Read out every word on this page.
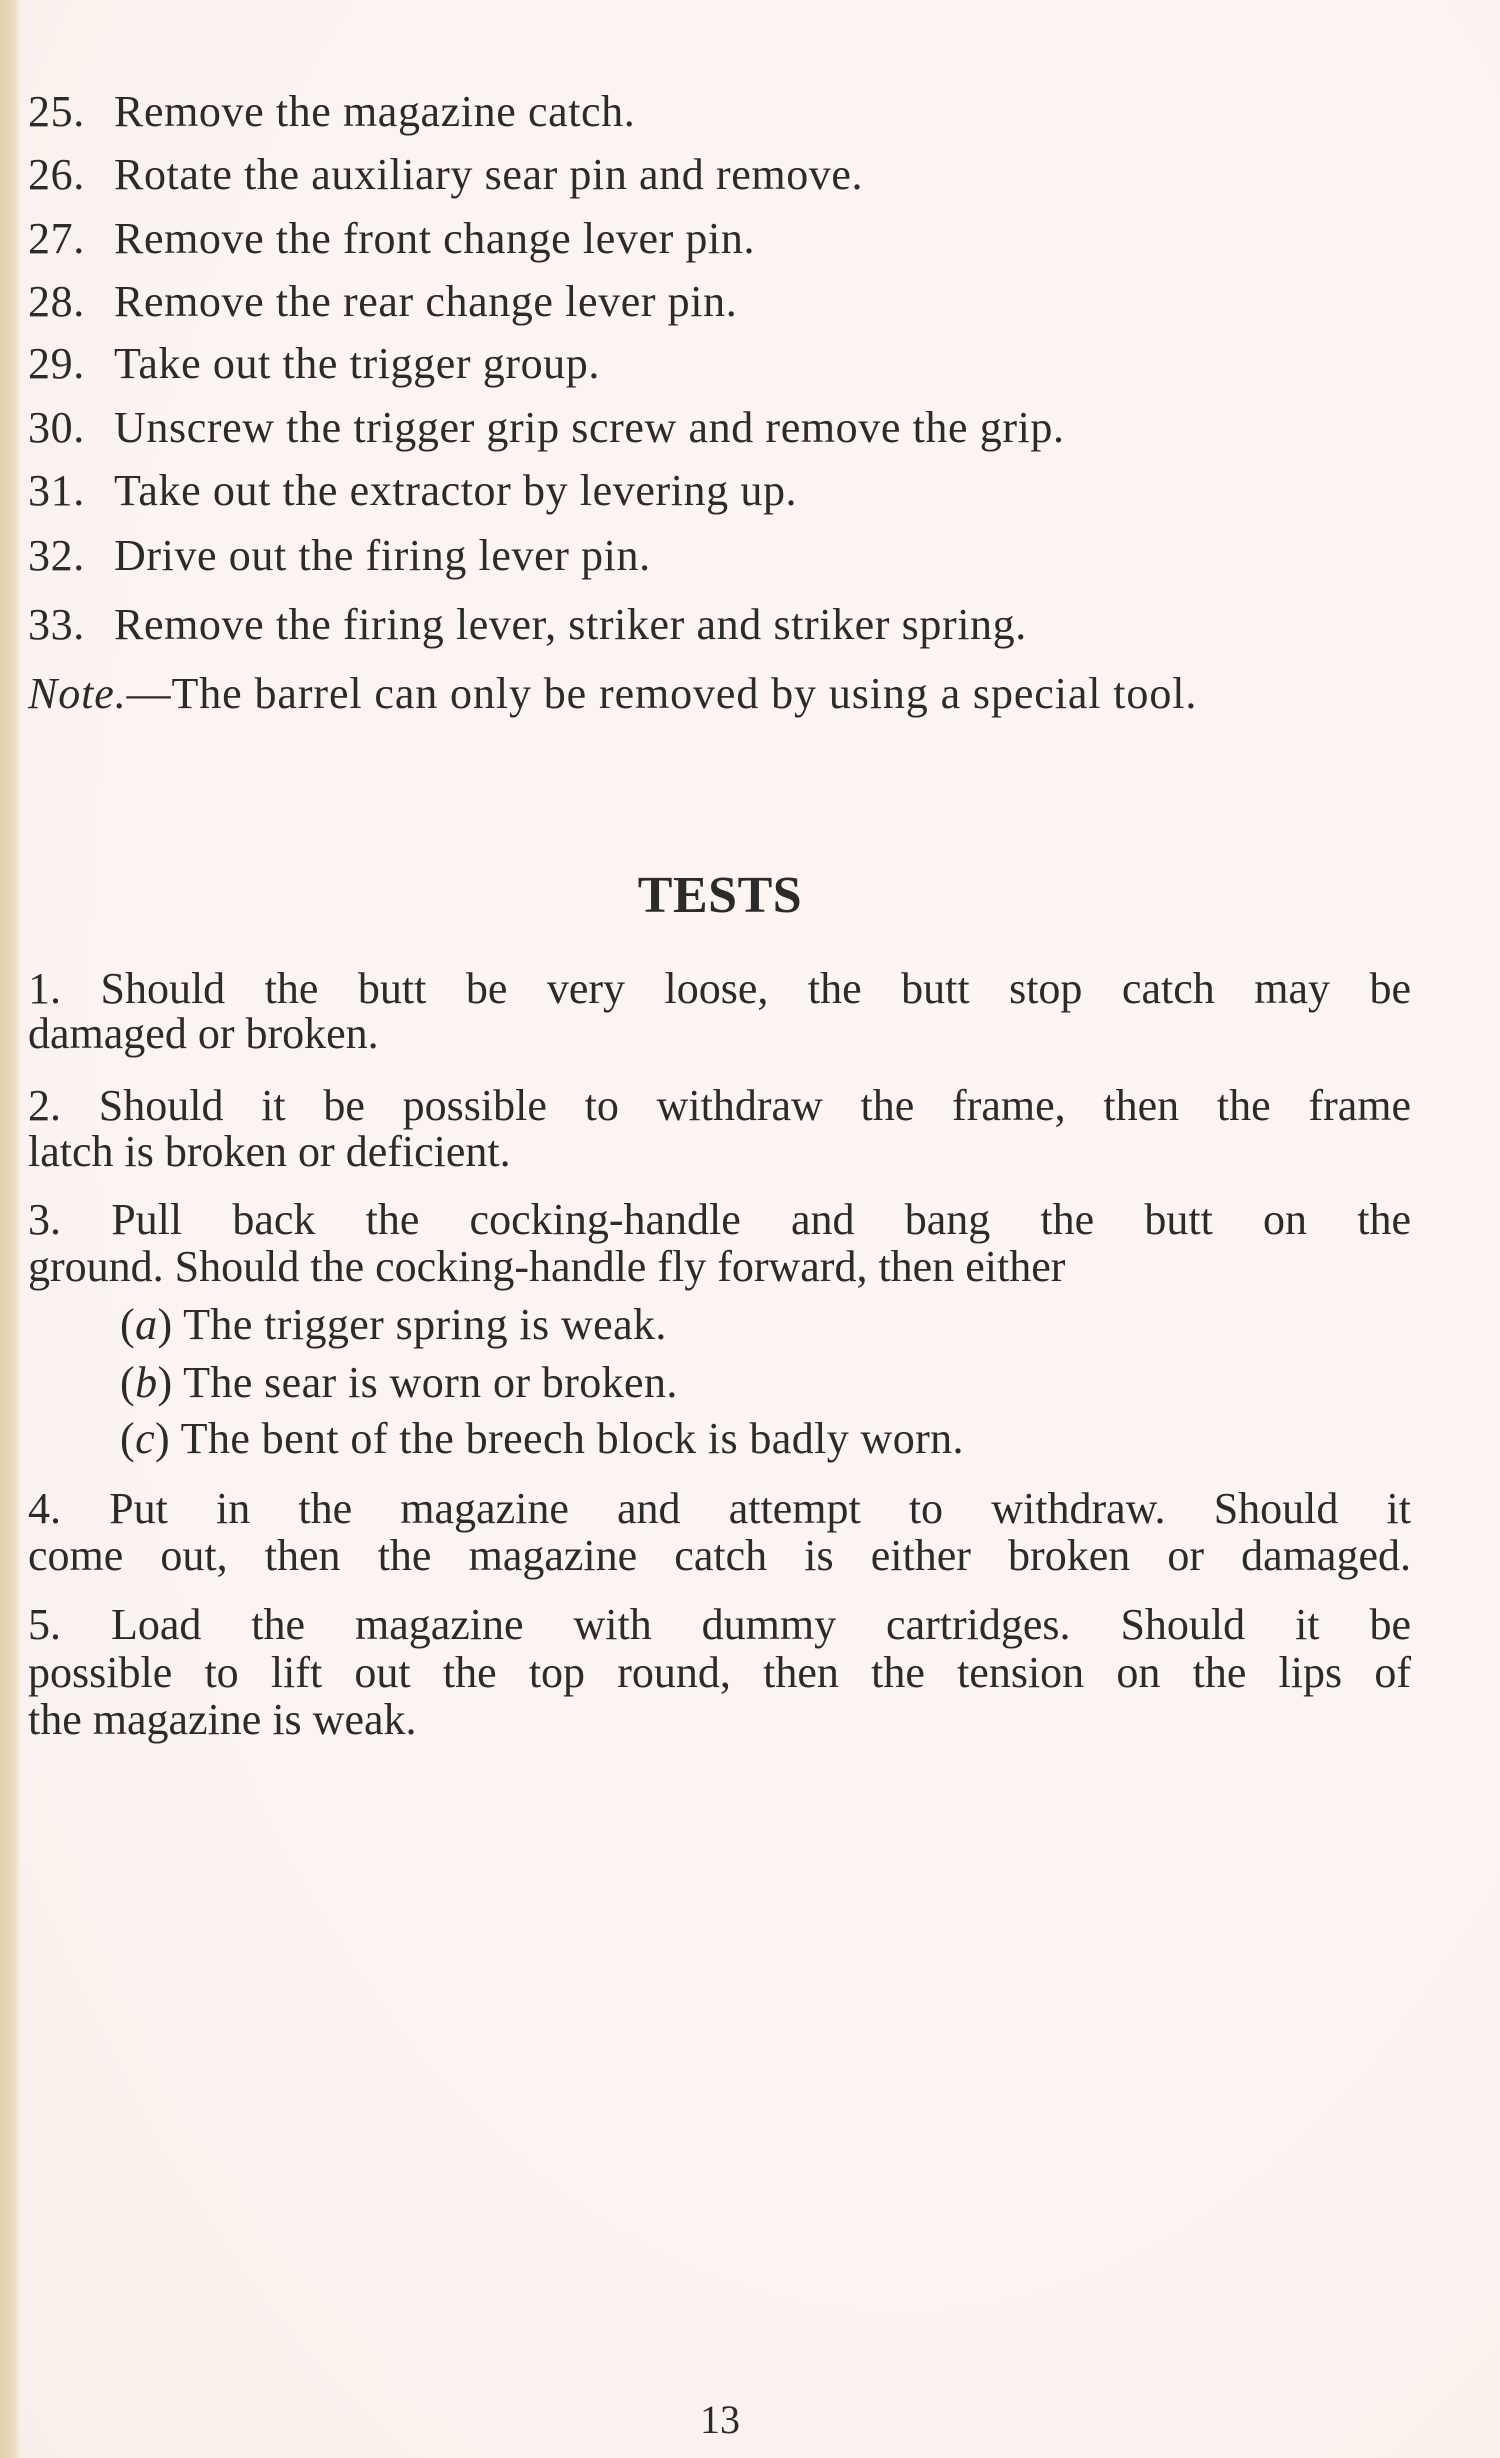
25. Remove the magazine catch.
26. Rotate the auxiliary sear pin and remove.
27. Remove the front change lever pin.
28. Remove the rear change lever pin.
29. Take out the trigger group.
30. Unscrew the trigger grip screw and remove the grip.
31. Take out the extractor by levering up.
32. Drive out the firing lever pin.
33. Remove the firing lever, striker and striker spring.
Note.—The barrel can only be removed by using a special tool.
TESTS
1. Should the butt be very loose, the butt stop catch may be
damaged or broken.
2. Should it be possible to withdraw the frame, then the frame
latch is broken or deficient.
3. Pull back the cocking-handle and bang the butt on the
ground. Should the cocking-handle fly forward, then either
(a) The trigger spring is weak.
(b) The sear is worn or broken.
(c) The bent of the breech block is badly worn.
4. Put in the magazine and attempt to withdraw. Should it
come out, then the magazine catch is either broken or damaged.
5. Load the magazine with dummy cartridges. Should it be
possible to lift out the top round, then the tension on the lips of
the magazine is weak.
13
